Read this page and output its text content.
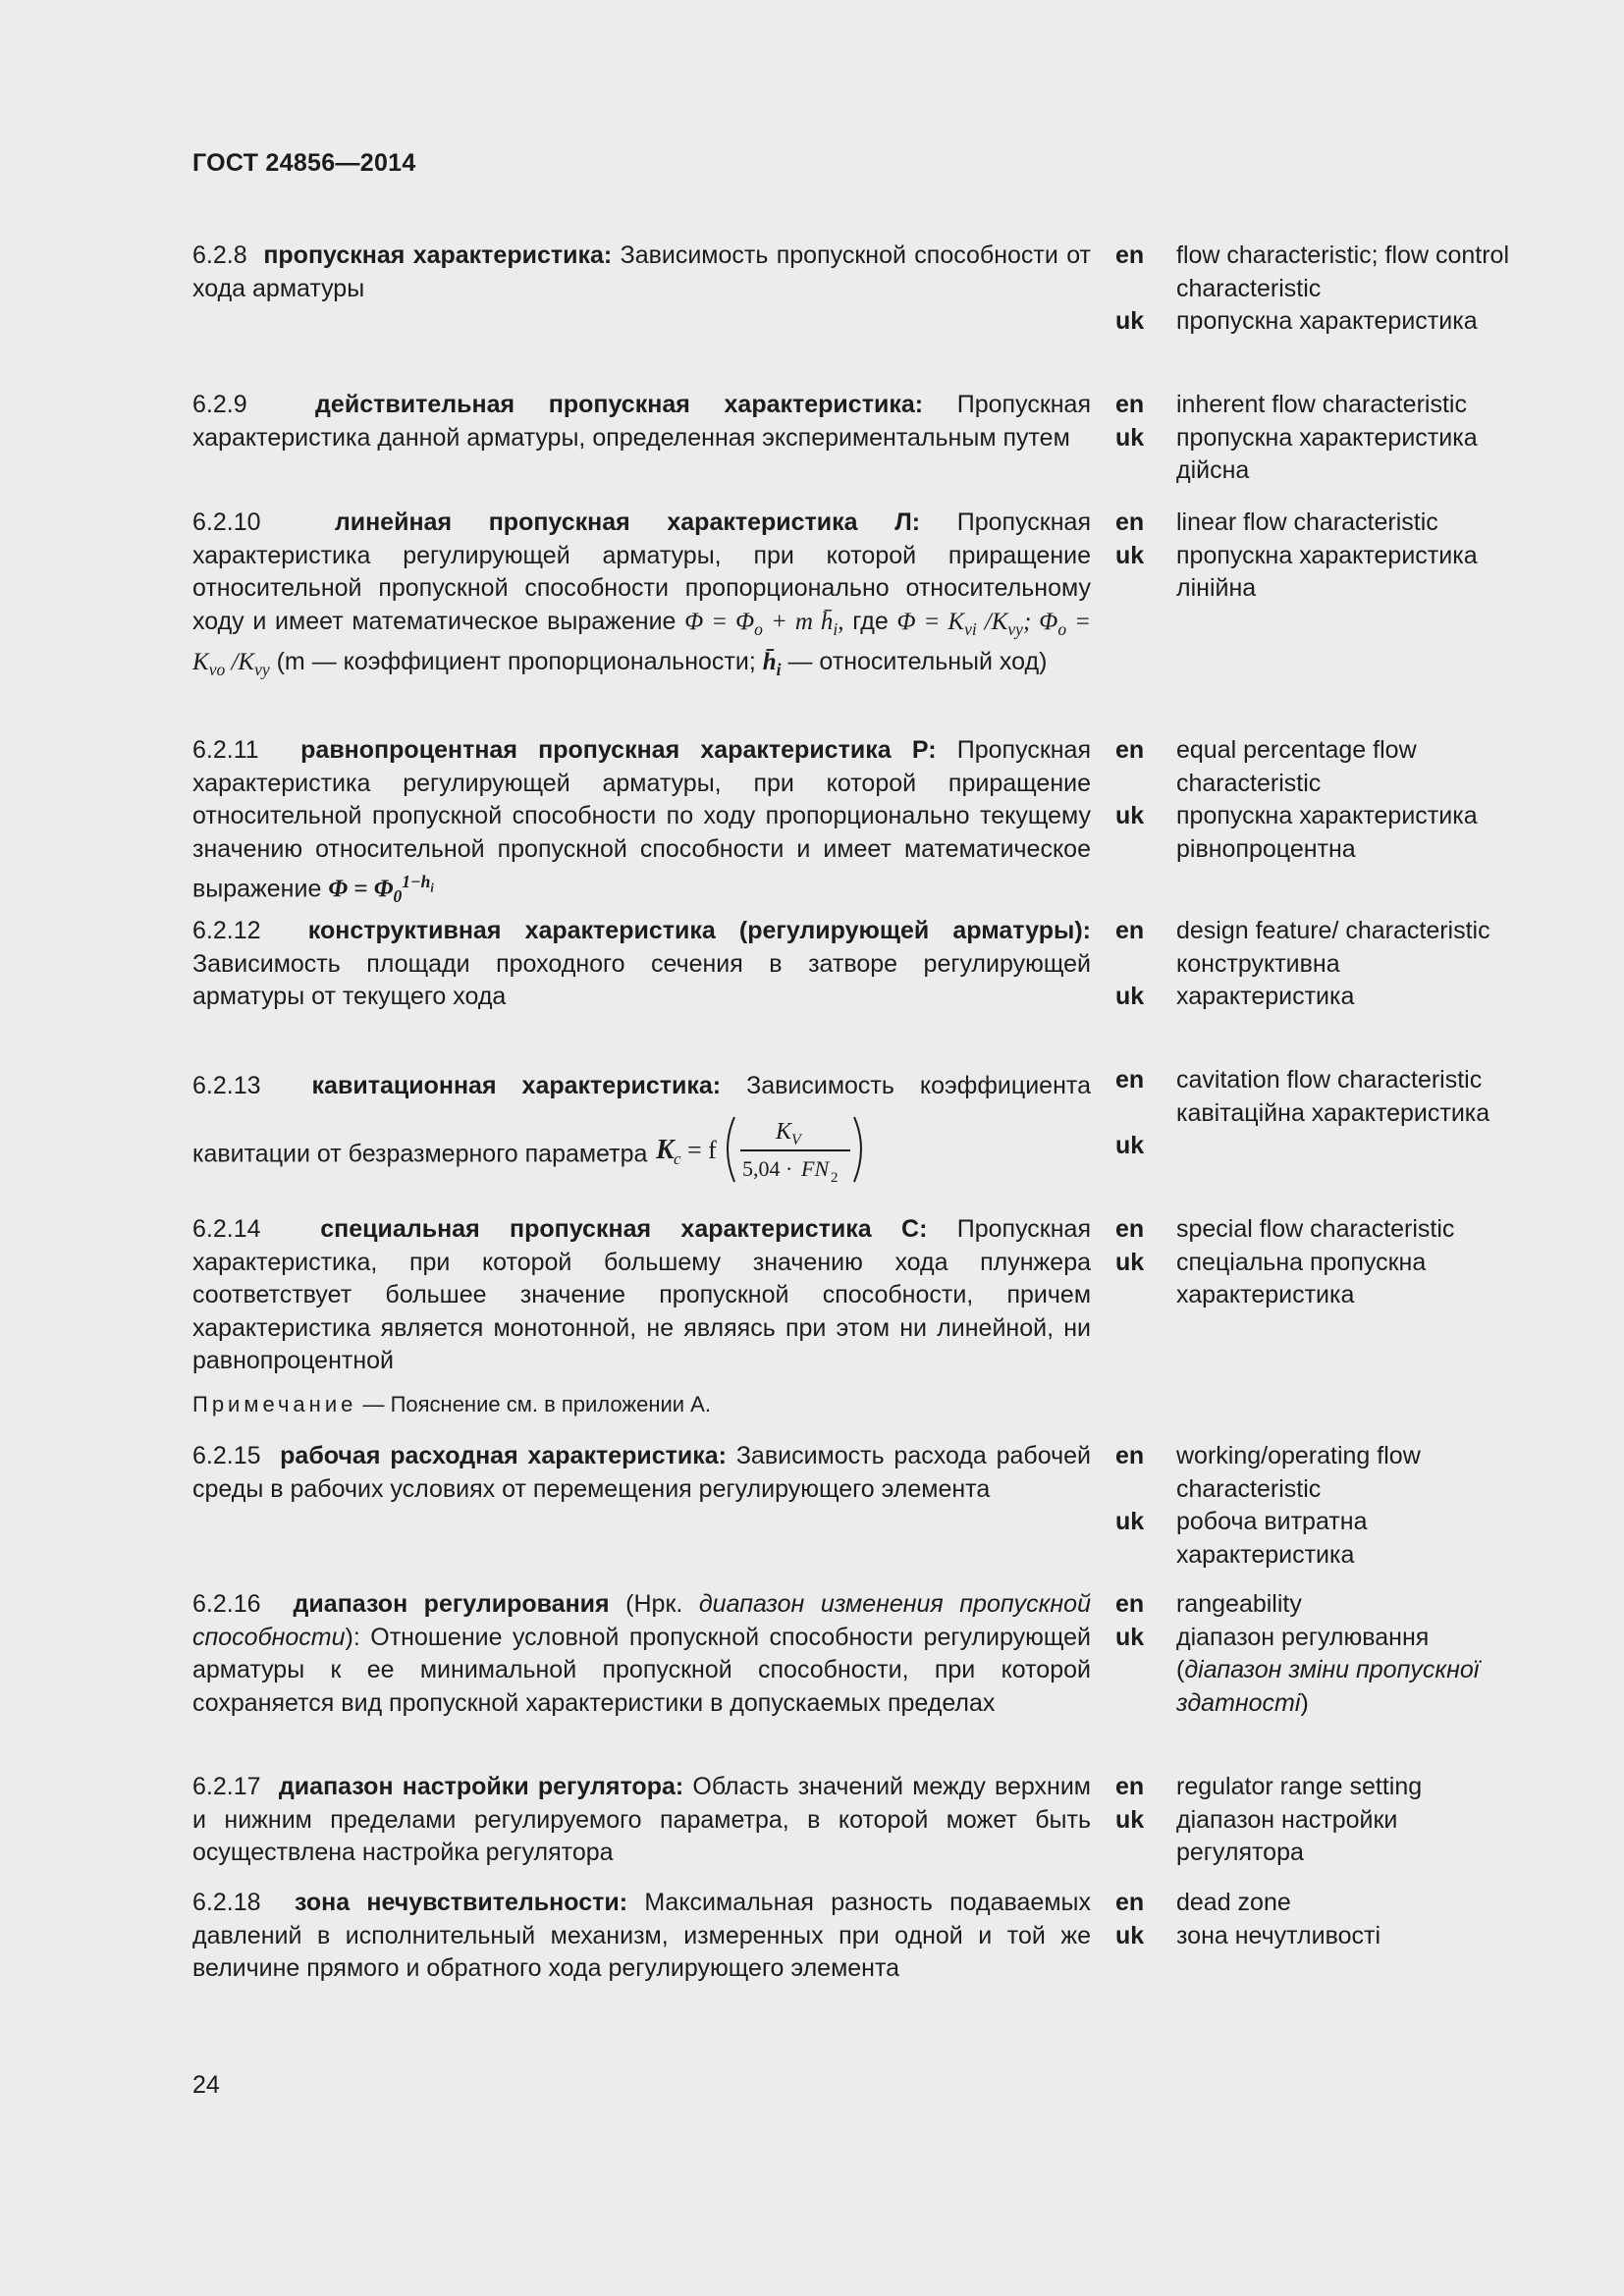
ГОСТ 24856—2014
6.2.8 пропускная характеристика: Зависимость пропускной способности от хода арматуры
en
uk
flow characteristic; flow control characteristic
пропускна характеристика
6.2.9	действительная пропускная характеристика: Пропускная характеристика данной арматуры, определенная экспериментальным путем
en
uk
inherent flow characteristic
пропускна характеристика дійсна
6.2.10	линейная пропускная характеристика Л: Пропускная характеристика регулирующей арматуры, при которой приращение относительной пропускной способности пропорционально относительному ходу и имеет математическое выражение $\Phi = \Phi_o + m$ $h̄_i$, где $\Phi = K_{vi}$ $/K_{vy}$; $\Phi_o = K_{vo}$ $/K_{vy}$ (m — коэффициент пропорциональности; $h̄_i$ — относительный ход)
en
uk
linear flow characteristic
пропускна характеристика лінійна
6.2.11 равнопроцентная пропускная характеристика Р: Пропускная характеристика регулирующей арматуры, при которой приращение относительной пропускной способности по ходу пропорционально текущему значению относительной пропускной способности и имеет математическое выражение $\Phi = \Phi_0^{1-h_i}$
en
uk
equal percentage flow characteristic
пропускна характеристика рівнопроцентна
6.2.12 конструктивная характеристика (регулирующей арматуры): Зависимость площади проходного сечения в затворе регулирующей арматуры от текущего хода
en
uk
design feature/ characteristic
конструктивна характеристика
6.2.13 кавитационная характеристика: Зависимость коэффициента кавитации от безразмерного параметра K c = f
K V
5,04 · FN 2
en
uk
cavitation flow characteristic
кавітаційна характеристика
6.2.14 специальная пропускная характеристика С: Пропускная характеристика, при которой большему значению хода плунжера соответствует большее значение пропускной способности, причем характеристика является монотонной, не являясь при этом ни линейной, ни равнопроцентной
en
uk
special flow characteristic
спеціальна пропускна характеристика
Примечание — Пояснение см. в приложении А.
6.2.15 рабочая расходная характеристика: Зависимость расхода рабочей среды в рабочих условиях от перемещения регулирующего элемента
en
uk
working/operating flow characteristic
робоча витратна характеристика
6.2.16 диапазон регулирования (Нрк. диапазон изменения пропускной способности): Отношение условной пропускной способности регулирующей арматуры к ее минимальной пропускной способности, при которой сохраняется вид пропускной характеристики в допускаемых пределах
en
uk
rangeability
діапазон регулювання
(діапазон зміни пропускної здатності)
6.2.17 диапазон настройки регулятора: Область значений между верхним и нижним пределами регулируемого параметра, в которой может быть осуществлена настройка регулятора
en
uk
regulator range setting
діапазон настройки регулятора
6.2.18 зона нечувствительности: Максимальная разность подаваемых давлений в исполнительный механизм, измеренных при одной и той же величине прямого и обратного хода регулирующего элемента
en
uk
dead zone
зона нечутливості
24
